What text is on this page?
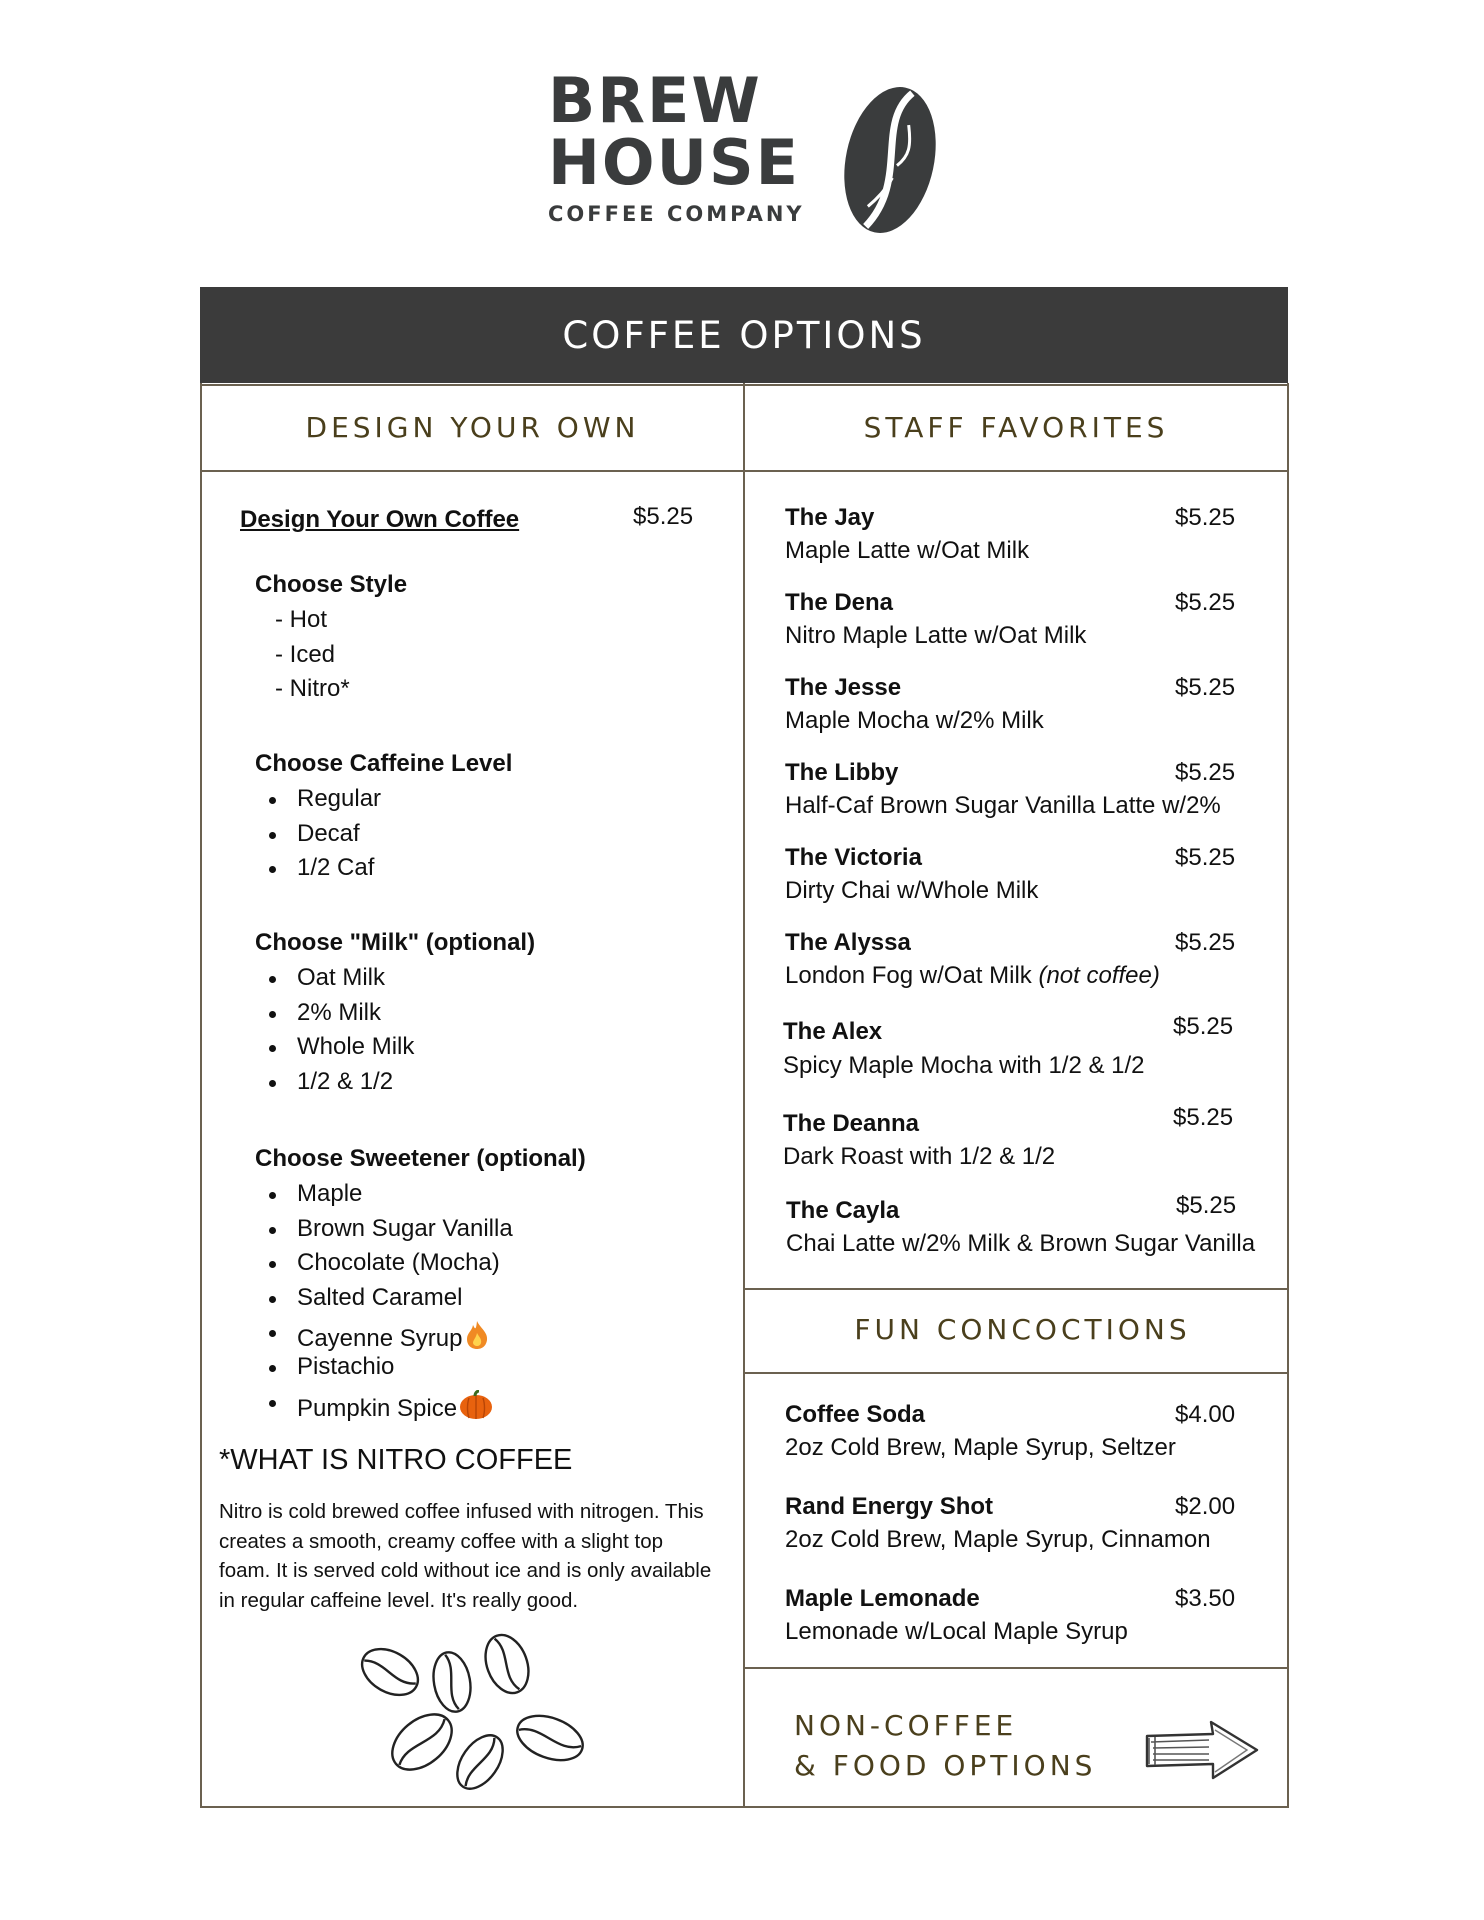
BREW
HOUSE
COFFEE COMPANY
COFFEE OPTIONS
DESIGN YOUR OWN	STAFF FAVORITES
FUN CONCOCTIONS
Design Your Own Coffee	$5.25
Choose Style
- Hot
- Iced
- Nitro*
Choose Caffeine Level
Regular
Decaf
1/2 Caf
Choose "Milk" (optional)
Oat Milk
2% Milk
Whole Milk
1/2 & 1/2
Choose Sweetener (optional)
Maple
Brown Sugar Vanilla
Chocolate (Mocha)
Salted Caramel
Cayenne Syrup
Pistachio
Pumpkin Spice
*WHAT IS NITRO COFFEE
Nitro is cold brewed coffee infused with nitrogen. This creates a smooth, creamy coffee with a slight top foam. It is served cold without ice and is only available in regular caffeine level. It's really good.
The Jay	$5.25
Maple Latte w/Oat Milk
The Dena	$5.25
Nitro Maple Latte w/Oat Milk
The Jesse	$5.25
Maple Mocha w/2% Milk
The Libby	$5.25
Half-Caf Brown Sugar Vanilla Latte w/2%
The Victoria	$5.25
Dirty Chai w/Whole Milk
The Alyssa	$5.25
London Fog w/Oat Milk (not coffee)
The Alex	$5.25
Spicy Maple Mocha with 1/2 & 1/2
The Deanna	$5.25
Dark Roast with 1/2 & 1/2
The Cayla	$5.25
Chai Latte w/2% Milk & Brown Sugar Vanilla
Coffee Soda	$4.00
2oz Cold Brew, Maple Syrup, Seltzer
Rand Energy Shot	$2.00
2oz Cold Brew, Maple Syrup, Cinnamon
Maple Lemonade	$3.50
Lemonade w/Local Maple Syrup
NON-COFFEE
& FOOD OPTIONS
